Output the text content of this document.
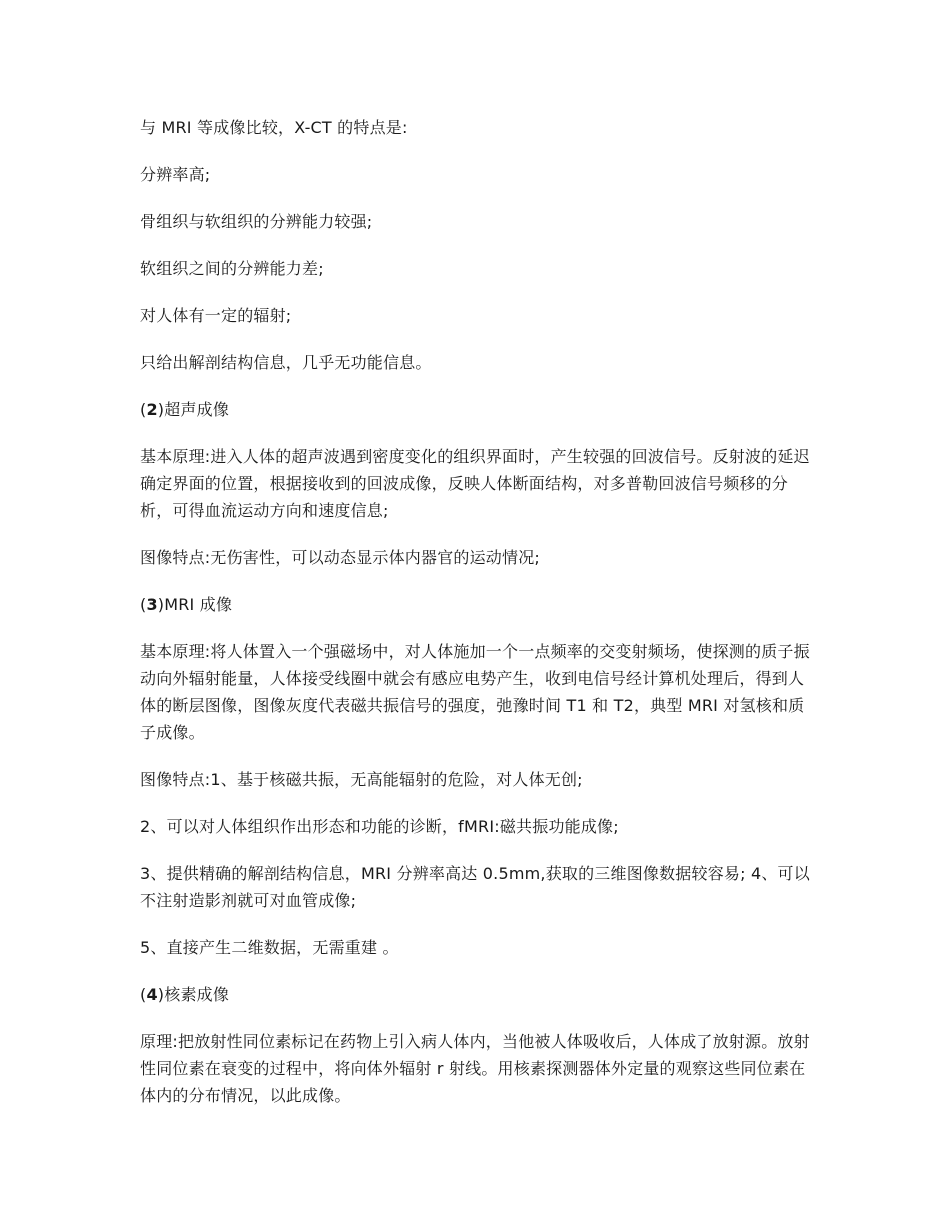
与 MRI 等成像比较，X-CT 的特点是:

分辨率高;

骨组织与软组织的分辨能力较强;

软组织之间的分辨能力差;

对人体有一定的辐射;

只给出解剖结构信息，几乎无功能信息。

(2)超声成像

基本原理:进入人体的超声波遇到密度变化的组织界面时，产生较强的回波信号。反射波的延迟确定界面的位置，根据接收到的回波成像，反映人体断面结构，对多普勒回波信号频移的分析，可得血流运动方向和速度信息;

图像特点:无伤害性，可以动态显示体内器官的运动情况;

(3)MRI 成像

基本原理:将人体置入一个强磁场中，对人体施加一个一点频率的交变射频场，使探测的质子振动向外辐射能量，人体接受线圈中就会有感应电势产生，收到电信号经计算机处理后，得到人体的断层图像，图像灰度代表磁共振信号的强度，弛豫时间 T1 和 T2，典型 MRI 对氢核和质子成像。

图像特点:1、基于核磁共振，无高能辐射的危险，对人体无创;

2、可以对人体组织作出形态和功能的诊断，fMRI:磁共振功能成像;

3、提供精确的解剖结构信息，MRI 分辨率高达 0.5mm,获取的三维图像数据较容易; 4、可以不注射造影剂就可对血管成像;

5、直接产生二维数据，无需重建 。

(4)核素成像

原理:把放射性同位素标记在药物上引入病人体内，当他被人体吸收后，人体成了放射源。放射性同位素在衰变的过程中，将向体外辐射 r 射线。用核素探测器体外定量的观察这些同位素在体内的分布情况，以此成像。
